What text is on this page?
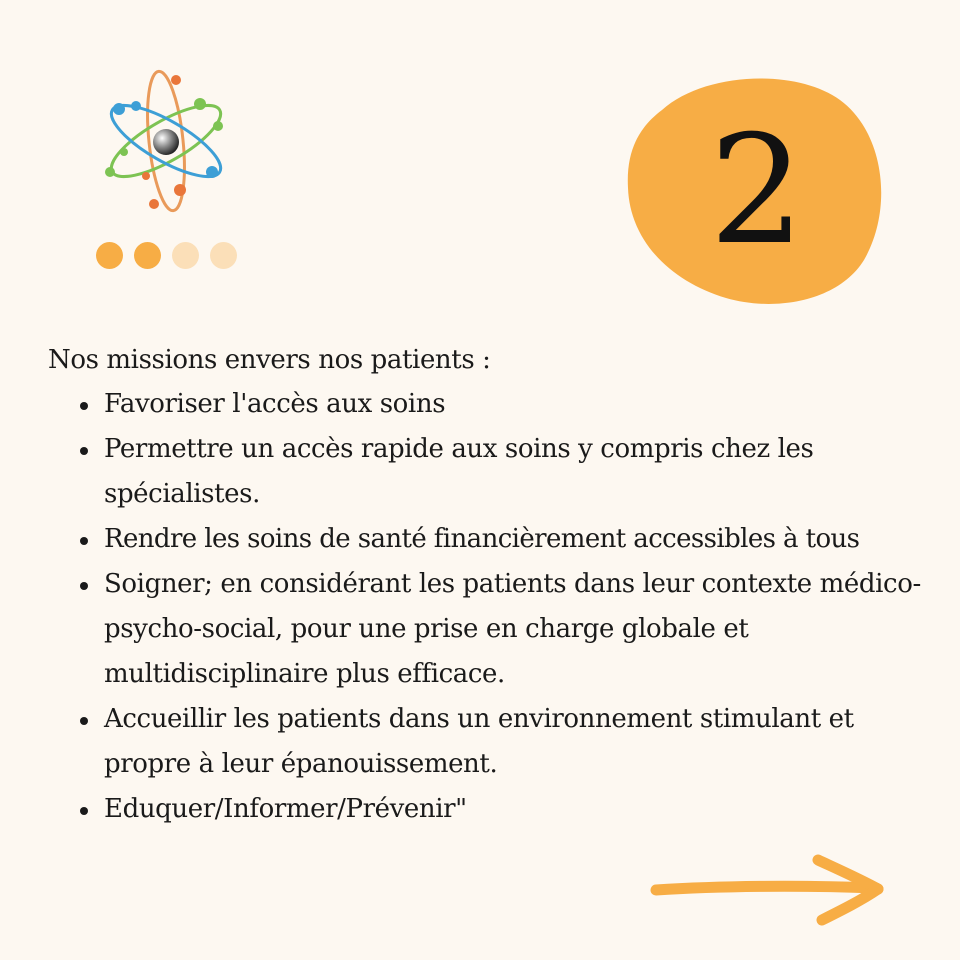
2

Nos missions envers nos patients :

Favoriser l'accès aux soins
Permettre un accès rapide aux soins y compris chez les spécialistes.
Rendre les soins de santé financièrement accessibles à tous
Soigner; en considérant les patients dans leur contexte médico-psycho-social, pour une prise en charge globale et multidisciplinaire plus efficace.
Accueillir les patients dans un environnement stimulant et propre à leur épanouissement.
Eduquer/Informer/Prévenir"
